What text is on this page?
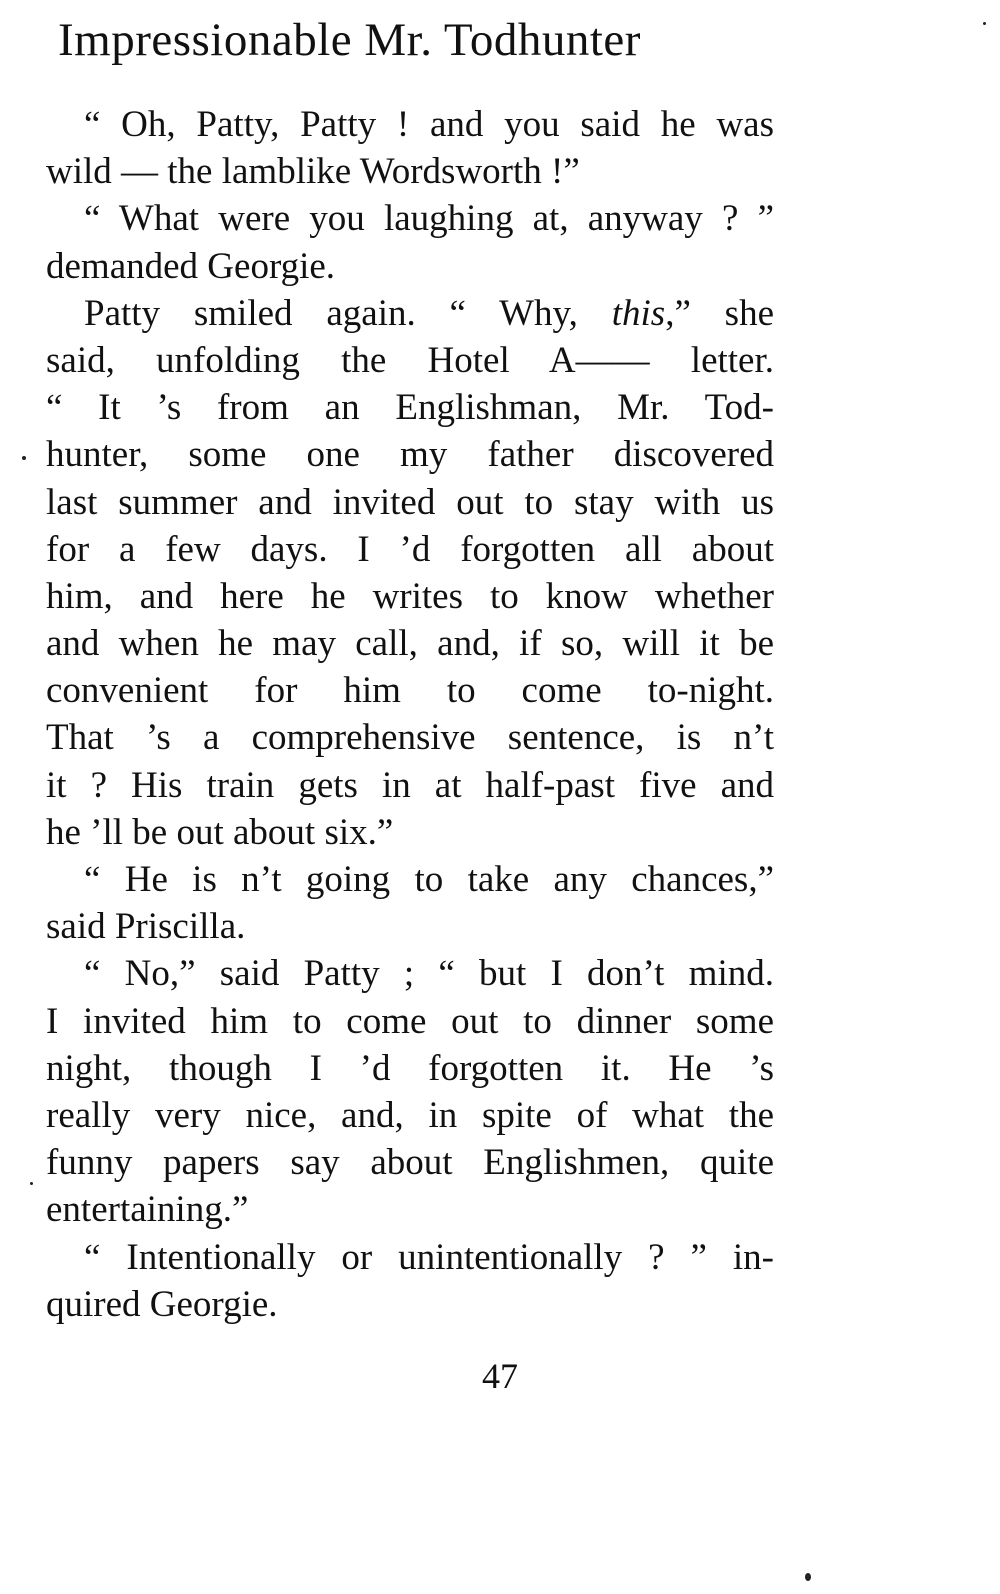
Impressionable Mr. Todhunter
“ Oh, Patty, Patty ! and you said he was
wild — the lamblike Wordsworth !”
“ What were you laughing at, anyway ? ”
demanded Georgie.
Patty smiled again. “ Why, this,” she
said, unfolding the Hotel A—— letter.
“ It ’s from an Englishman, Mr. Tod-
hunter, some one my father discovered
last summer and invited out to stay with us
for a few days. I ’d forgotten all about
him, and here he writes to know whether
and when he may call, and, if so, will it be
convenient for him to come to-night.
That ’s a comprehensive sentence, is n’t
it ? His train gets in at half-past five and
he ’ll be out about six.”
“ He is n’t going to take any chances,”
said Priscilla.
“ No,” said Patty ; “ but I don’t mind.
I invited him to come out to dinner some
night, though I ’d forgotten it. He ’s
really very nice, and, in spite of what the
funny papers say about Englishmen, quite
entertaining.”
“ Intentionally or unintentionally ? ” in-
quired Georgie.
47
